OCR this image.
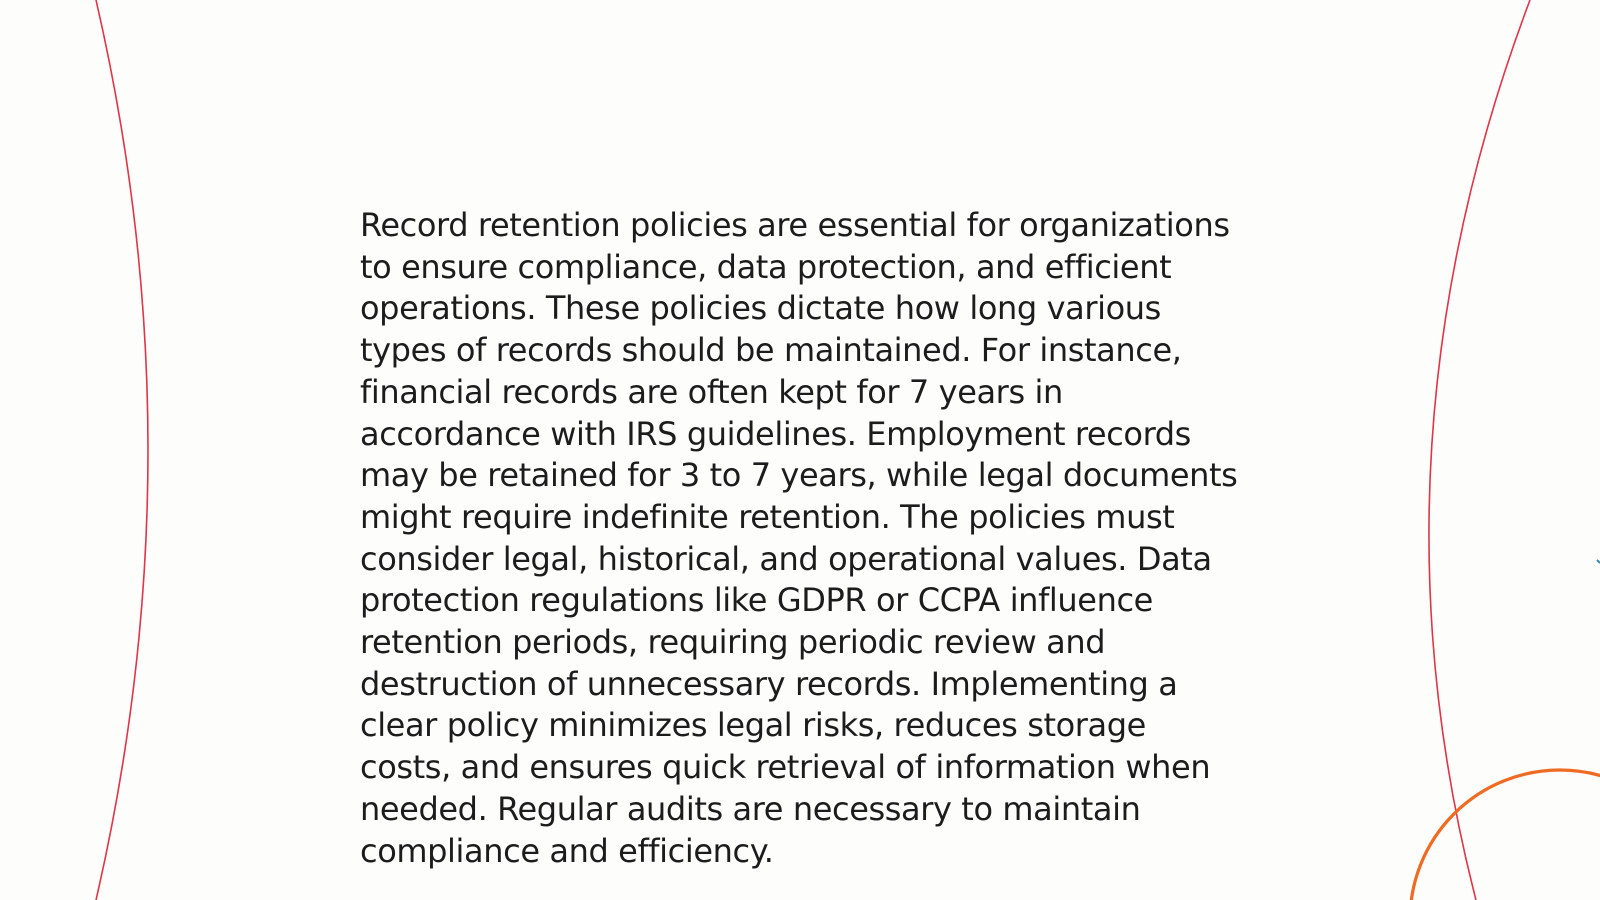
Record retention policies are essential for organizations to ensure compliance, data protection, and efficient operations. These policies dictate how long various types of records should be maintained. For instance, financial records are often kept for 7 years in accordance with IRS guidelines. Employment records may be retained for 3 to 7 years, while legal documents might require indefinite retention. The policies must consider legal, historical, and operational values. Data protection regulations like GDPR or CCPA influence retention periods, requiring periodic review and destruction of unnecessary records. Implementing a clear policy minimizes legal risks, reduces storage costs, and ensures quick retrieval of information when needed. Regular audits are necessary to maintain compliance and efficiency.
